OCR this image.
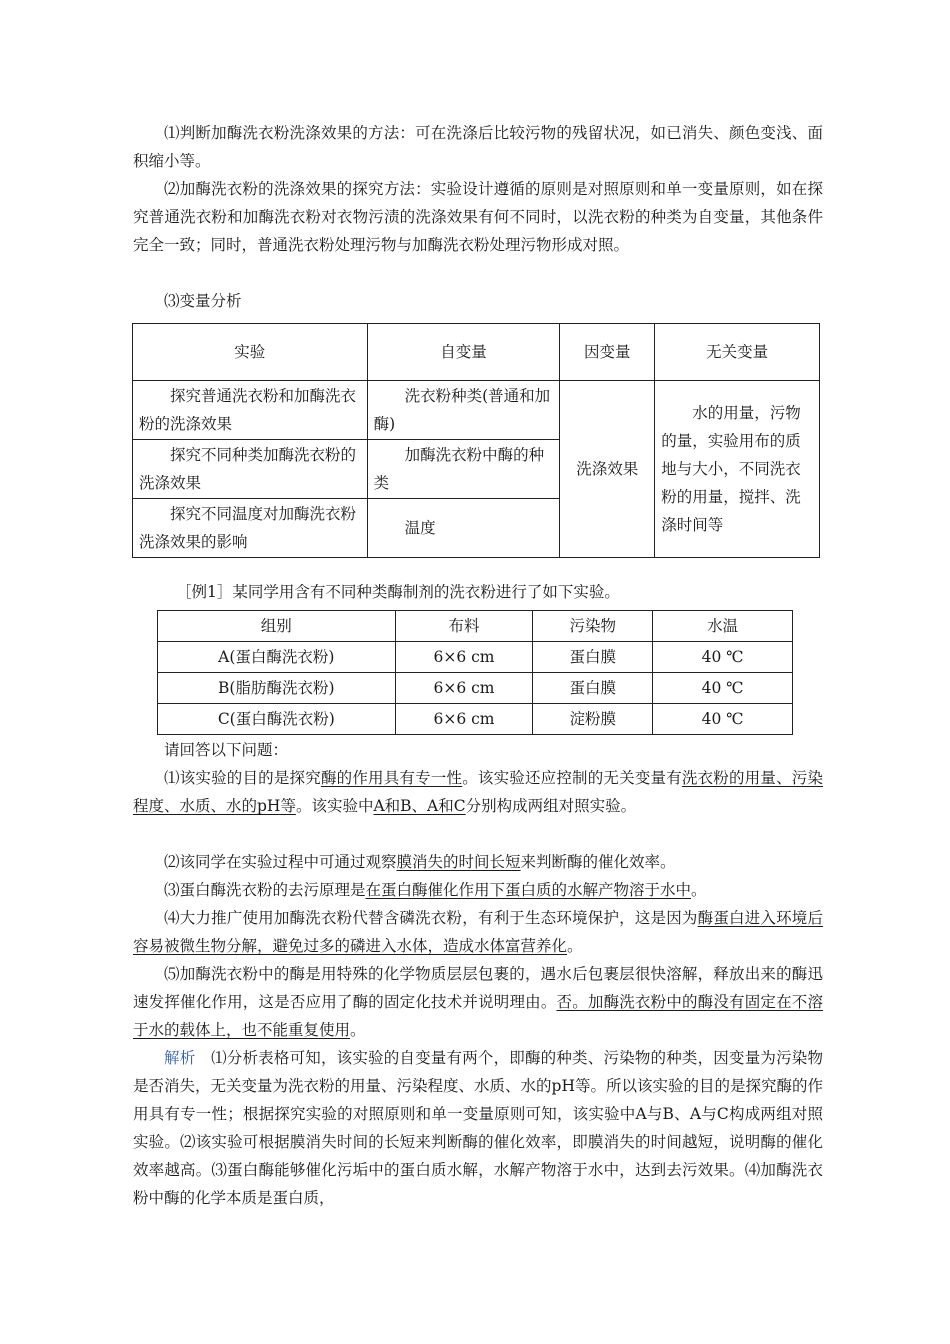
⑴判断加酶洗衣粉洗涤效果的方法：可在洗涤后比较污物的残留状况，如已消失、颜色变浅、面积缩小等。

⑵加酶洗衣粉的洗涤效果的探究方法：实验设计遵循的原则是对照原则和单一变量原则，如在探究普通洗衣粉和加酶洗衣粉对衣物污渍的洗涤效果有何不同时，以洗衣粉的种类为自变量，其他条件完全一致；同时，普通洗衣粉处理污物与加酶洗衣粉处理污物形成对照。

⑶变量分析

实验	自变量	因变量	无关变量
探究普通洗衣粉和加酶洗衣粉的洗涤效果	洗衣粉种类(普通和加酶)	洗涤效果	水的用量，污物的量，实验用布的质地与大小，不同洗衣粉的用量，搅拌、洗涤时间等
探究不同种类加酶洗衣粉的洗涤效果	加酶洗衣粉中酶的种类		
探究不同温度对加酶洗衣粉洗涤效果的影响	温度		

［例1］某同学用含有不同种类酶制剂的洗衣粉进行了如下实验。

组别	布料	污染物	水温
A(蛋白酶洗衣粉)	6×6 cm	蛋白膜	40 ℃
B(脂肪酶洗衣粉)	6×6 cm	蛋白膜	40 ℃
C(蛋白酶洗衣粉)	6×6 cm	淀粉膜	40 ℃

请回答以下问题：

⑴该实验的目的是探究酶的作用具有专一性。该实验还应控制的无关变量有洗衣粉的用量、污染程度、水质、水的pH等。该实验中A和B、A和C分别构成两组对照实验。

⑵该同学在实验过程中可通过观察膜消失的时间长短来判断酶的催化效率。

⑶蛋白酶洗衣粉的去污原理是在蛋白酶催化作用下蛋白质的水解产物溶于水中。

⑷大力推广使用加酶洗衣粉代替含磷洗衣粉，有利于生态环境保护，这是因为酶蛋白进入环境后容易被微生物分解，避免过多的磷进入水体，造成水体富营养化。

⑸加酶洗衣粉中的酶是用特殊的化学物质层层包裹的，遇水后包裹层很快溶解，释放出来的酶迅速发挥催化作用，这是否应用了酶的固定化技术并说明理由。否。加酶洗衣粉中的酶没有固定在不溶于水的载体上，也不能重复使用。

解析　 ⑴分析表格可知，该实验的自变量有两个，即酶的种类、污染物的种类，因变量为污染物是否消失，无关变量为洗衣粉的用量、污染程度、水质、水的pH等。所以该实验的目的是探究酶的作用具有专一性；根据探究实验的对照原则和单一变量原则可知，该实验中A与B、A与C构成两组对照实验。⑵该实验可根据膜消失时间的长短来判断酶的催化效率，即膜消失的时间越短，说明酶的催化效率越高。⑶蛋白酶能够催化污垢中的蛋白质水解，水解产物溶于水中，达到去污效果。⑷加酶洗衣粉中酶的化学本质是蛋白质，
